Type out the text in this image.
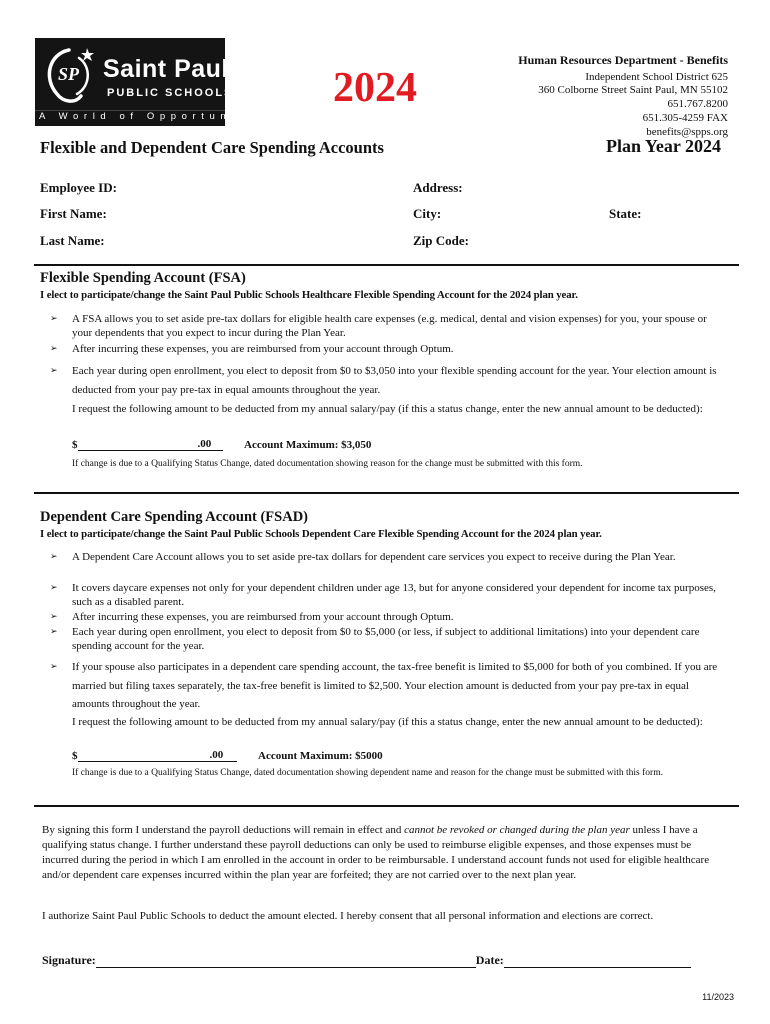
SP Saint Paul
PUBLIC SCHOOLS
A World of Opportunities
2024
Human Resources Department - Benefits
Independent School District 625
360 Colborne Street Saint Paul, MN 55102
651.767.8200
651.305-4259 FAX
benefits@spps.org
Flexible and Dependent Care Spending Accounts	Plan Year 2024
Employee ID:
First Name:
Last Name:
Address:
City:	State:
Zip Code:
Flexible Spending Account (FSA)
I elect to participate/change the Saint Paul Public Schools Healthcare Flexible Spending Account for the 2024 plan year.
➢ A FSA allows you to set aside pre-tax dollars for eligible health care expenses (e.g. medical, dental and vision expenses) for you, your spouse or your dependents that you expect to incur during the Plan Year.
➢ After incurring these expenses, you are reimbursed from your account through Optum.
➢ Each year during open enrollment, you elect to deposit from $0 to $3,050 into your flexible spending account for the year. Your election amount is deducted from your pay pre-tax in equal amounts throughout the year.
I request the following amount to be deducted from my annual salary/pay (if this a status change, enter the new annual amount to be deducted):
$	.00	Account Maximum: $3,050
If change is due to a Qualifying Status Change, dated documentation showing reason for the change must be submitted with this form.
Dependent Care Spending Account (FSAD)
I elect to participate/change the Saint Paul Public Schools Dependent Care Flexible Spending Account for the 2024 plan year.
➢ A Dependent Care Account allows you to set aside pre-tax dollars for dependent care services you expect to receive during the Plan Year.
➢ It covers daycare expenses not only for your dependent children under age 13, but for anyone considered your dependent for income tax purposes, such as a disabled parent.
➢ After incurring these expenses, you are reimbursed from your account through Optum.
➢ Each year during open enrollment, you elect to deposit from $0 to $5,000 (or less, if subject to additional limitations) into your dependent care spending account for the year.
➢ If your spouse also participates in a dependent care spending account, the tax-free benefit is limited to $5,000 for both of you combined. If you are married but filing taxes separately, the tax-free benefit is limited to $2,500. Your election amount is deducted from your pay pre-tax in equal amounts throughout the year.
I request the following amount to be deducted from my annual salary/pay (if this a status change, enter the new annual amount to be deducted):
$	.00	Account Maximum: $5000
If change is due to a Qualifying Status Change, dated documentation showing dependent name and reason for the change must be submitted with this form.
By signing this form I understand the payroll deductions will remain in effect and cannot be revoked or changed during the plan year unless I have a qualifying status change. I further understand these payroll deductions can only be used to reimburse eligible expenses, and those expenses must be incurred during the period in which I am enrolled in the account in order to be reimbursable. I understand account funds not used for eligible healthcare and/or dependent care expenses incurred within the plan year are forfeited; they are not carried over to the next plan year.
I authorize Saint Paul Public Schools to deduct the amount elected. I hereby consent that all personal information and elections are correct.
Signature:	Date:
11/2023
